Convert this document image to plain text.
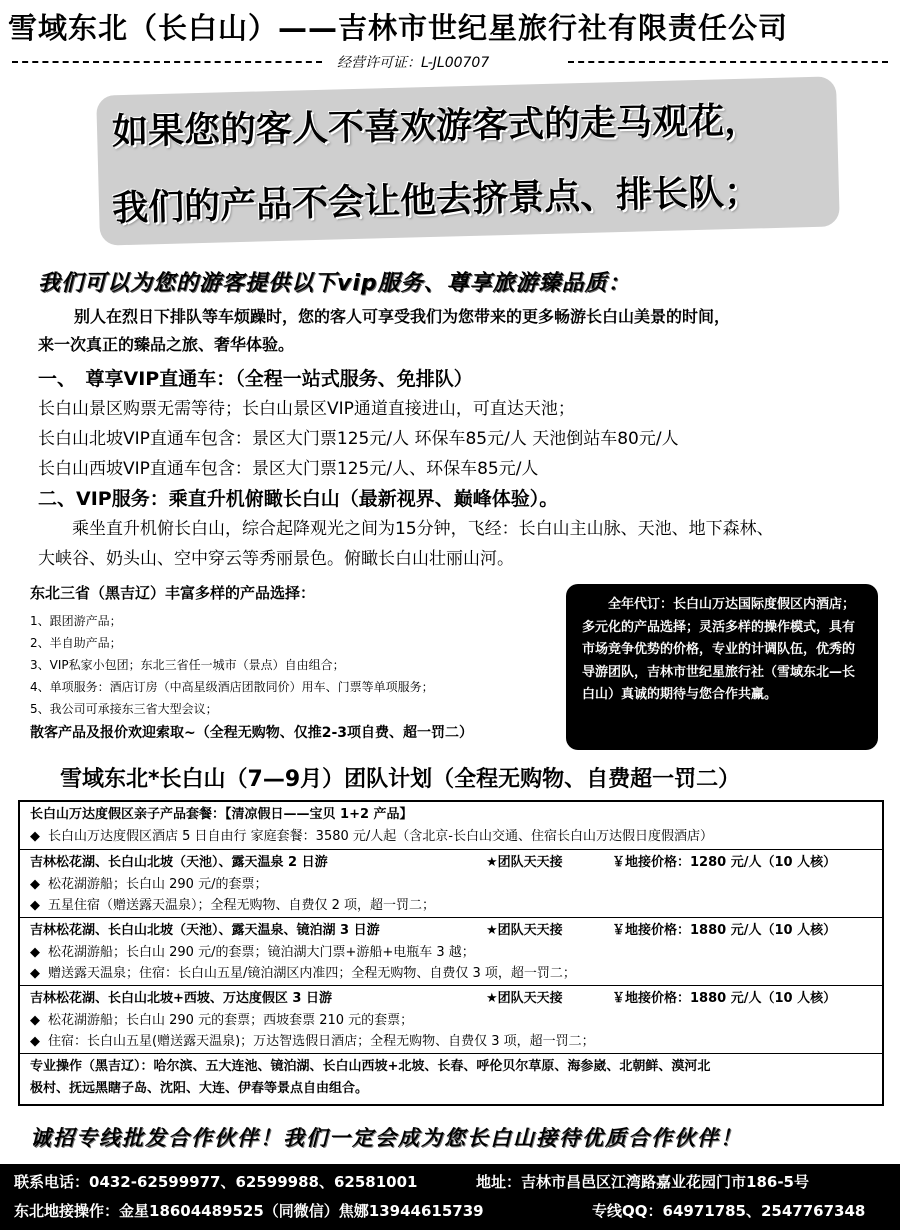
雪域东北（长白山）——吉林市世纪星旅行社有限责任公司
经营许可证：L-JL00707
如果您的客人不喜欢游客式的走马观花，
我们的产品不会让他去挤景点、排长队；
我们可以为您的游客提供以下vip服务、尊享旅游臻品质：
别人在烈日下排队等车烦躁时，您的客人可享受我们为您带来的更多畅游长白山美景的时间，
来一次真正的臻品之旅、奢华体验。
一、　尊享VIP直通车：（全程一站式服务、免排队）
长白山景区购票无需等待；长白山景区VIP通道直接进山，可直达天池；
长白山北坡VIP直通车包含：景区大门票125元/人 环保车85元/人 天池倒站车80元/人
长白山西坡VIP直通车包含：景区大门票125元/人、环保车85元/人
二、VIP服务：乘直升机俯瞰长白山（最新视界、巅峰体验）。
乘坐直升机俯长白山，综合起降观光之间为15分钟，飞经：长白山主山脉、天池、地下森林、
大峡谷、奶头山、空中穿云等秀丽景色。俯瞰长白山壮丽山河。
东北三省（黑吉辽）丰富多样的产品选择：
1、跟团游产品；
2、半自助产品；
3、VIP私家小包团；东北三省任一城市（景点）自由组合；
4、单项服务：酒店订房（中高星级酒店团散同价）用车、门票等单项服务；
5、我公司可承接东三省大型会议；
散客产品及报价欢迎索取~（全程无购物、仅推2-3项自费、超一罚二）
全年代订：长白山万达国际度假区内酒店；多元化的产品选择；灵活多样的操作模式，具有市场竞争优势的价格，专业的计调队伍，优秀的导游团队，吉林市世纪星旅行社（雪域东北—长白山）真诚的期待与您合作共赢。
雪域东北*长白山（7—9月）团队计划（全程无购物、自费超一罚二）
长白山万达度假区亲子产品套餐：【清凉假日——宝贝 1+2 产品】
◆ 长白山万达度假区酒店 5 日自由行 家庭套餐：3580 元/人起（含北京-长白山交通、住宿长白山万达假日度假酒店）
吉林松花湖、长白山北坡（天池）、露天温泉 2 日游	★团队天天接	￥地接价格：1280 元/人（10 人核）
◆ 松花湖游船；长白山 290 元/的套票；
◆ 五星住宿（赠送露天温泉）；全程无购物、自费仅 2 项，超一罚二；
吉林松花湖、长白山北坡（天池）、露天温泉、镜泊湖 3 日游	★团队天天接	￥地接价格：1880 元/人（10 人核）
◆ 松花湖游船；长白山 290 元/的套票；镜泊湖大门票+游船+电瓶车 3 越；
◆ 赠送露天温泉；住宿：长白山五星/镜泊湖区内准四；全程无购物、自费仅 3 项，超一罚二；
吉林松花湖、长白山北坡+西坡、万达度假区 3 日游	★团队天天接	￥地接价格：1880 元/人（10 人核）
◆ 松花湖游船；长白山 290 元的套票；西坡套票 210 元的套票；
◆ 住宿：长白山五星(赠送露天温泉)；万达智选假日酒店；全程无购物、自费仅 3 项，超一罚二；
专业操作（黑吉辽）：哈尔滨、五大连池、镜泊湖、长白山西坡+北坡、长春、呼伦贝尔草原、海参崴、北朝鲜、漠河北
极村、抚远黑瞎子岛、沈阳、大连、伊春等景点自由组合。
诚招专线批发合作伙伴！我们一定会成为您长白山接待优质合作伙伴！
联系电话：0432-62599977、62599988、62581001	地址：吉林市昌邑区江湾路嘉业花园门市186-5号
东北地接操作：金星18604489525（同微信）焦娜13944615739	专线QQ：64971785、2547767348
